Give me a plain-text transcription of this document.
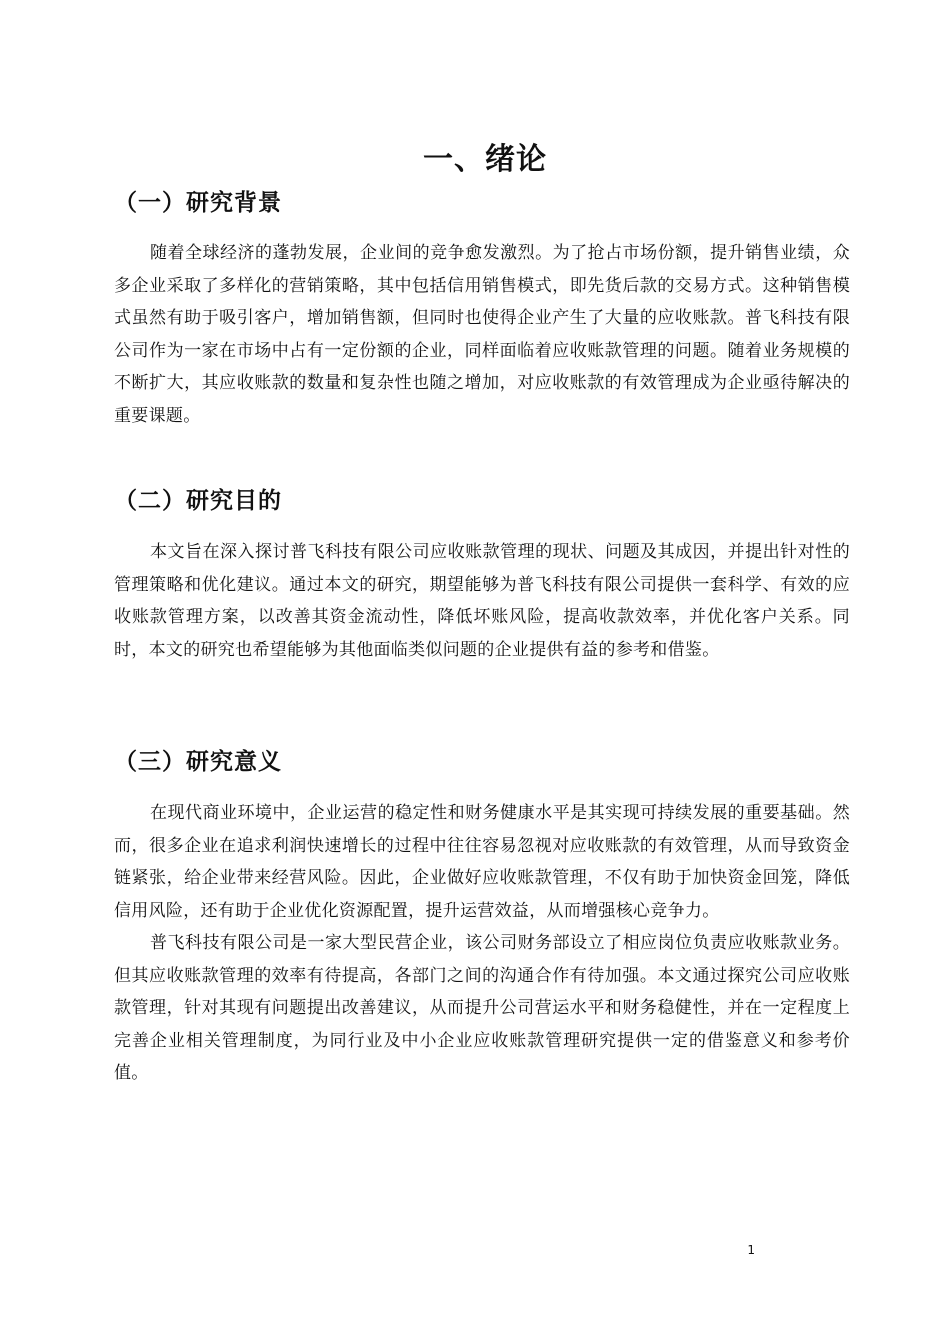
一、绪论
（一）研究背景

随着全球经济的蓬勃发展，企业间的竞争愈发激烈。为了抢占市场份额，提升销售业绩，众多企业采取了多样化的营销策略，其中包括信用销售模式，即先货后款的交易方式。这种销售模式虽然有助于吸引客户，增加销售额，但同时也使得企业产生了大量的应收账款。普飞科技有限公司作为一家在市场中占有一定份额的企业，同样面临着应收账款管理的问题。随着业务规模的不断扩大，其应收账款的数量和复杂性也随之增加，对应收账款的有效管理成为企业亟待解决的重要课题。

（二）研究目的

本文旨在深入探讨普飞科技有限公司应收账款管理的现状、问题及其成因，并提出针对性的管理策略和优化建议。通过本文的研究，期望能够为普飞科技有限公司提供一套科学、有效的应收账款管理方案，以改善其资金流动性，降低坏账风险，提高收款效率，并优化客户关系。同时，本文的研究也希望能够为其他面临类似问题的企业提供有益的参考和借鉴。

（三）研究意义

在现代商业环境中，企业运营的稳定性和财务健康水平是其实现可持续发展的重要基础。然而，很多企业在追求利润快速增长的过程中往往容易忽视对应收账款的有效管理，从而导致资金链紧张，给企业带来经营风险。因此，企业做好应收账款管理，不仅有助于加快资金回笼，降低信用风险，还有助于企业优化资源配置，提升运营效益，从而增强核心竞争力。

普飞科技有限公司是一家大型民营企业，该公司财务部设立了相应岗位负责应收账款业务。但其应收账款管理的效率有待提高，各部门之间的沟通合作有待加强。本文通过探究公司应收账款管理，针对其现有问题提出改善建议，从而提升公司营运水平和财务稳健性，并在一定程度上完善企业相关管理制度，为同行业及中小企业应收账款管理研究提供一定的借鉴意义和参考价值。

1
